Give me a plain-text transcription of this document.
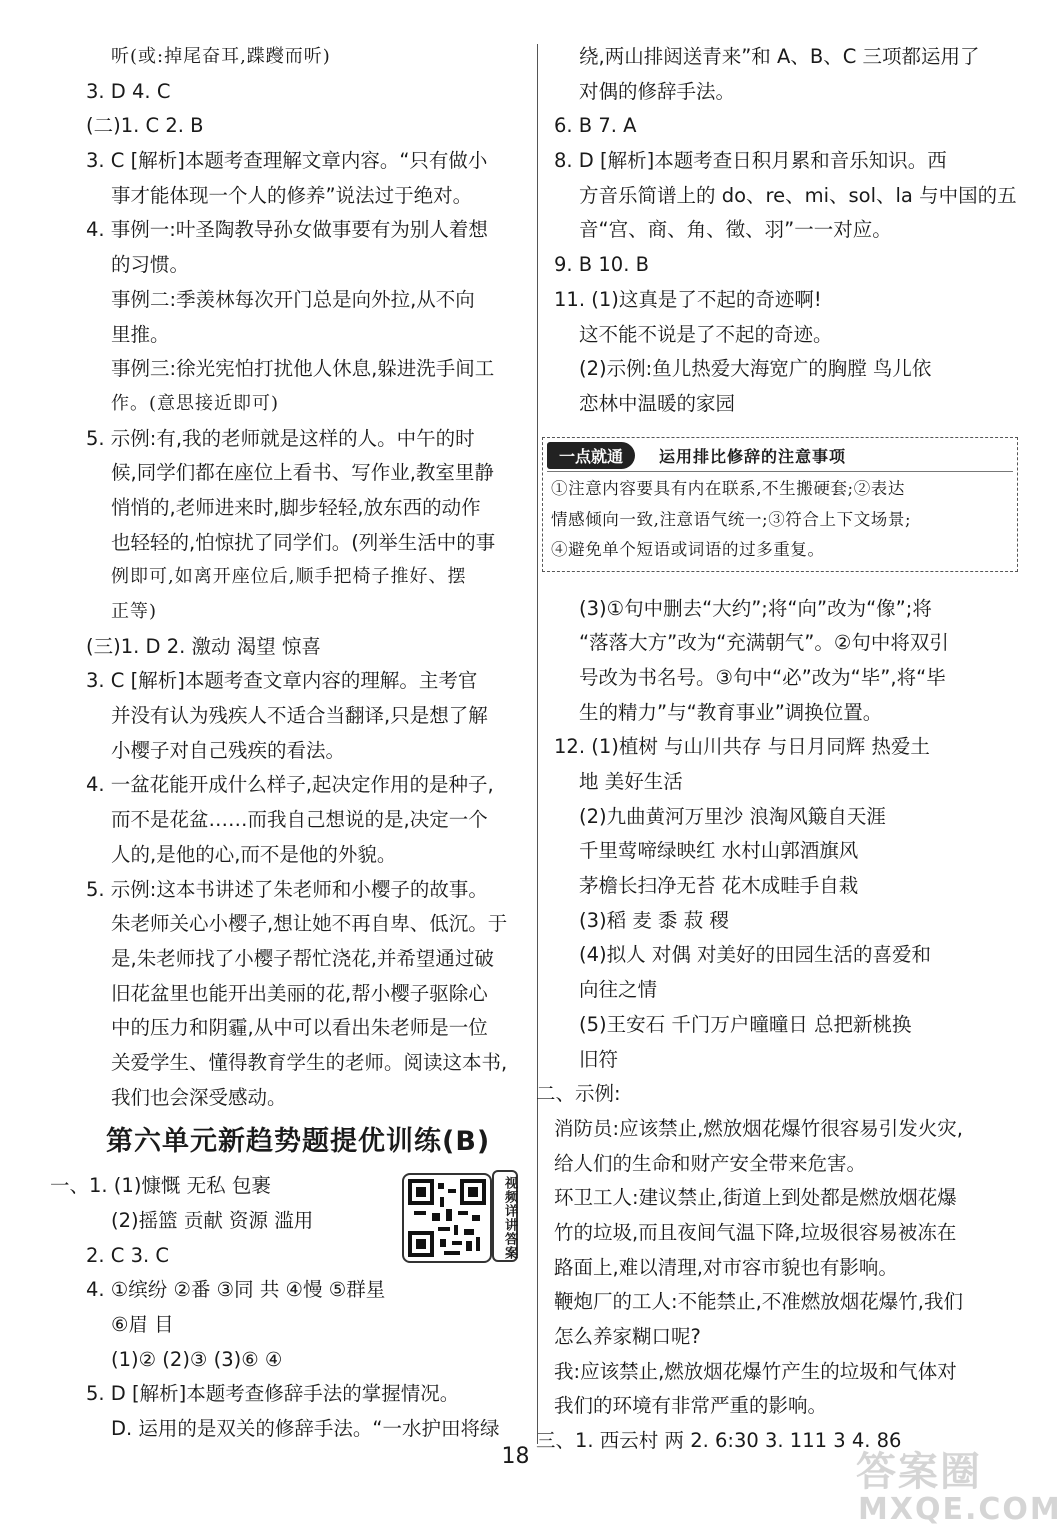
听(或:掉尾奋耳,蹀躞而听)
3. D 4. C
(二)1. C 2. B
3. C [解析]本题考查理解文章内容。“只有做小
事才能体现一个人的修养”说法过于绝对。
4. 事例一:叶圣陶教导孙女做事要有为别人着想
的习惯。
事例二:季羡林每次开门总是向外拉,从不向
里推。
事例三:徐光宪怕打扰他人休息,躲进洗手间工
作。(意思接近即可)
5. 示例:有,我的老师就是这样的人。中午的时
候,同学们都在座位上看书、写作业,教室里静
悄悄的,老师进来时,脚步轻轻,放东西的动作
也轻轻的,怕惊扰了同学们。(列举生活中的事
例即可,如离开座位后,顺手把椅子推好、摆
正等)
(三)1. D 2. 激动 渴望 惊喜
3. C [解析]本题考查文章内容的理解。主考官
并没有认为残疾人不适合当翻译,只是想了解
小樱子对自己残疾的看法。
4. 一盆花能开成什么样子,起决定作用的是种子,
而不是花盆……而我自己想说的是,决定一个
人的,是他的心,而不是他的外貌。
5. 示例:这本书讲述了朱老师和小樱子的故事。
朱老师关心小樱子,想让她不再自卑、低沉。于
是,朱老师找了小樱子帮忙浇花,并希望通过破
旧花盆里也能开出美丽的花,帮小樱子驱除心
中的压力和阴霾,从中可以看出朱老师是一位
关爱学生、懂得教育学生的老师。阅读这本书,
我们也会深受感动。
第六单元新趋势题提优训练(B)
一、1. (1)慷慨 无私 包裹
(2)摇篮 贡献 资源 滥用
2. C 3. C
4. ①缤纷 ②番 ③同 共 ④慢 ⑤群星
⑥眉 目
(1)② (2)③ (3)⑥ ④
5. D [解析]本题考查修辞手法的掌握情况。
D. 运用的是双关的修辞手法。“一水护田将绿
视频详讲答案
绕,两山排闼送青来”和 A、B、C 三项都运用了
对偶的修辞手法。
6. B 7. A
8. D [解析]本题考查日积月累和音乐知识。西
方音乐简谱上的 do、re、mi、sol、la 与中国的五
音“宫、商、角、徵、羽”一一对应。
9. B 10. B
11. (1)这真是了不起的奇迹啊!
这不能不说是了不起的奇迹。
(2)示例:鱼儿热爱大海宽广的胸膛 鸟儿依
恋林中温暖的家园
(3)①句中删去“大约”;将“向”改为“像”;将
“落落大方”改为“充满朝气”。②句中将双引
号改为书名号。③句中“必”改为“毕”,将“毕
生的精力”与“教育事业”调换位置。
12. (1)植树 与山川共存 与日月同辉 热爱土
地 美好生活
(2)九曲黄河万里沙 浪淘风簸自天涯
千里莺啼绿映红 水村山郭酒旗风
茅檐长扫净无苔 花木成畦手自栽
(3)稻 麦 黍 菽 稷
(4)拟人 对偶 对美好的田园生活的喜爱和
向往之情
(5)王安石 千门万户曈曈日 总把新桃换
旧符
二、示例:
消防员:应该禁止,燃放烟花爆竹很容易引发火灾,
给人们的生命和财产安全带来危害。
环卫工人:建议禁止,街道上到处都是燃放烟花爆
竹的垃圾,而且夜间气温下降,垃圾很容易被冻在
路面上,难以清理,对市容市貌也有影响。
鞭炮厂的工人:不能禁止,不准燃放烟花爆竹,我们
怎么养家糊口呢?
我:应该禁止,燃放烟花爆竹产生的垃圾和气体对
我们的环境有非常严重的影响。
三、1. 西云村 两 2. 6:30 3. 111 3 4. 86
一点就通	运用排比修辞的注意事项
①注意内容要具有内在联系,不生搬硬套;②表达
情感倾向一致,注意语气统一;③符合上下文场景;
④避免单个短语或词语的过多重复。
18	答案圈
MXQE.COM
